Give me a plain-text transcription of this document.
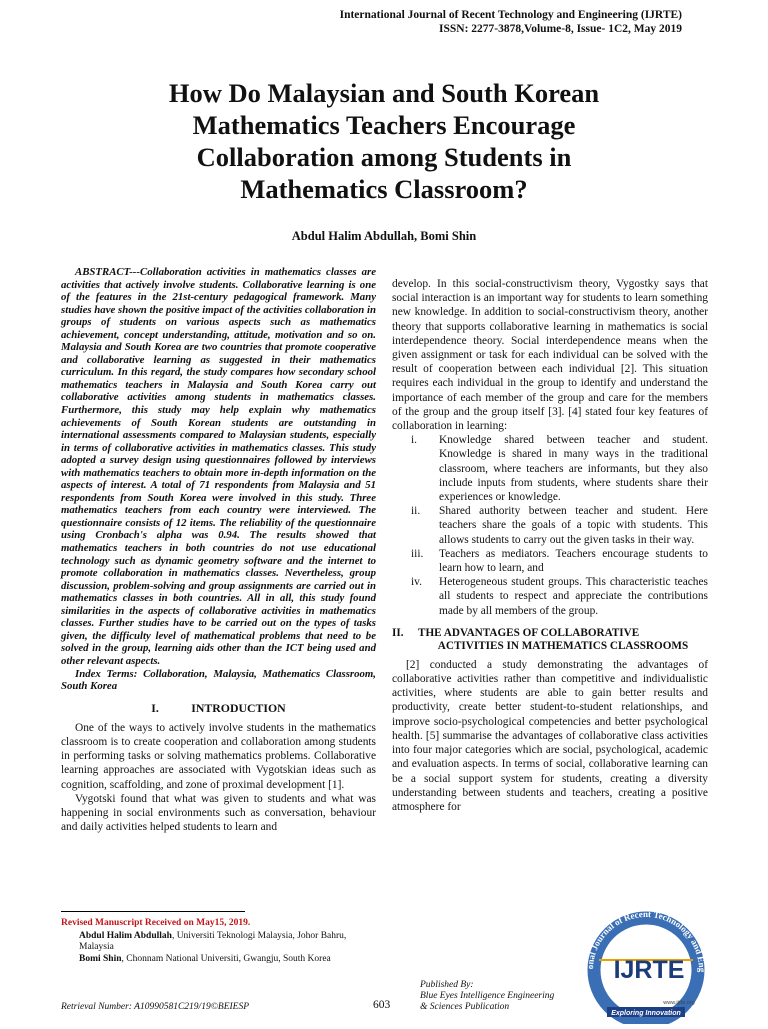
International Journal of Recent Technology and Engineering (IJRTE)
ISSN: 2277-3878,Volume-8, Issue- 1C2, May 2019
How Do Malaysian and South Korean
Mathematics Teachers Encourage
Collaboration among Students in
Mathematics Classroom?
Abdul Halim Abdullah, Bomi Shin

ABSTRACT---Collaboration activities in mathematics classes are activities that actively involve students. Collaborative learning is one of the features in the 21st-century pedagogical framework. Many studies have shown the positive impact of the activities collaboration in groups of students on various aspects such as mathematics achievement, concept understanding, attitude, motivation and so on. Malaysia and South Korea are two countries that promote cooperative and collaborative learning as suggested in their mathematics curriculum. In this regard, the study compares how secondary school mathematics teachers in Malaysia and South Korea carry out collaborative activities among students in mathematics classes. Furthermore, this study may help explain why mathematics achievements of South Korean students are outstanding in international assessments compared to Malaysian students, especially in terms of collaborative activities in mathematics classes. This study adopted a survey design using questionnaires followed by interviews with mathematics teachers to obtain more in-depth information on the aspects of interest. A total of 71 respondents from Malaysia and 51 respondents from South Korea were involved in this study. Three mathematics teachers from each country were interviewed. The questionnaire consists of 12 items. The reliability of the questionnaire using Cronbach's alpha was 0.94. The results showed that mathematics teachers in both countries do not use educational technology such as dynamic geometry software and the internet to promote collaboration in mathematics classes. Nevertheless, group discussion, problem-solving and group assignments are carried out in mathematics classes in both countries. All in all, this study found similarities in the aspects of collaborative activities in mathematics classes. Further studies have to be carried out on the types of tasks given, the difficulty level of mathematical problems that need to be solved in the group, learning aids other than the ICT being used and other relevant aspects.

Index Terms: Collaboration, Malaysia, Mathematics Classroom, South Korea

I.	INTRODUCTION

One of the ways to actively involve students in the mathematics classroom is to create cooperation and collaboration among students in performing tasks or solving mathematics problems. Collaborative learning approaches are associated with Vygotskian ideas such as cognition, scaffolding, and zone of proximal development [1].

Vygotski found that what was given to students and what was happening in social environments such as conversation, behaviour and daily activities helped students to learn and

develop. In this social-constructivism theory, Vygostky says that social interaction is an important way for students to learn something new knowledge. In addition to social-constructivism theory, another theory that supports collaborative learning in mathematics is social interdependence theory. Social interdependence means when the given assignment or task for each individual can be solved with the result of cooperation between each individual [2]. This situation requires each individual in the group to identify and understand the importance of each member of the group and care for the members of the group and the group itself [3]. [4] stated four key features of collaboration in learning:

i.	Knowledge shared between teacher and student. Knowledge is shared in many ways in the traditional classroom, where teachers are informants, but they also include inputs from students, where students share their experiences or knowledge.
ii.	Shared authority between teacher and student. Here teachers share the goals of a topic with students. This allows students to carry out the given tasks in their way.
iii.	Teachers as mediators. Teachers encourage students to learn how to learn, and
iv.	Heterogeneous student groups. This characteristic teaches all students to respect and appreciate the contributions made by all members of the group.
II. THE ADVANTAGES OF COLLABORATIVE
ACTIVITIES IN MATHEMATICS CLASSROOMS

[2] conducted a study demonstrating the advantages of collaborative activities rather than competitive and individualistic activities, where students are able to gain better results and productivity, create better student-to-student relationships, and improve socio-psychological competencies and better psychological health. [5] summarise the advantages of collaborative class activities into four major categories which are social, psychological, academic and evaluation aspects. In terms of social, collaborative learning can be a social support system for students, creating a diversity understanding between students and teachers, creating a positive atmosphere for

Revised Manuscript Received on May15, 2019.
Abdul Halim Abdullah, Universiti Teknologi Malaysia, Johor Bahru, Malaysia
Bomi Shin, Chonnam National Universiti, Gwangju, South Korea
Retrieval Number: A10990581C219/19©BEIESP	603
Published By:
Blue Eyes Intelligence Engineering
& Sciences Publication
onal Journal of Recent Technology and Eng
IJRTE
www.ijrte.org
Exploring Innovation
